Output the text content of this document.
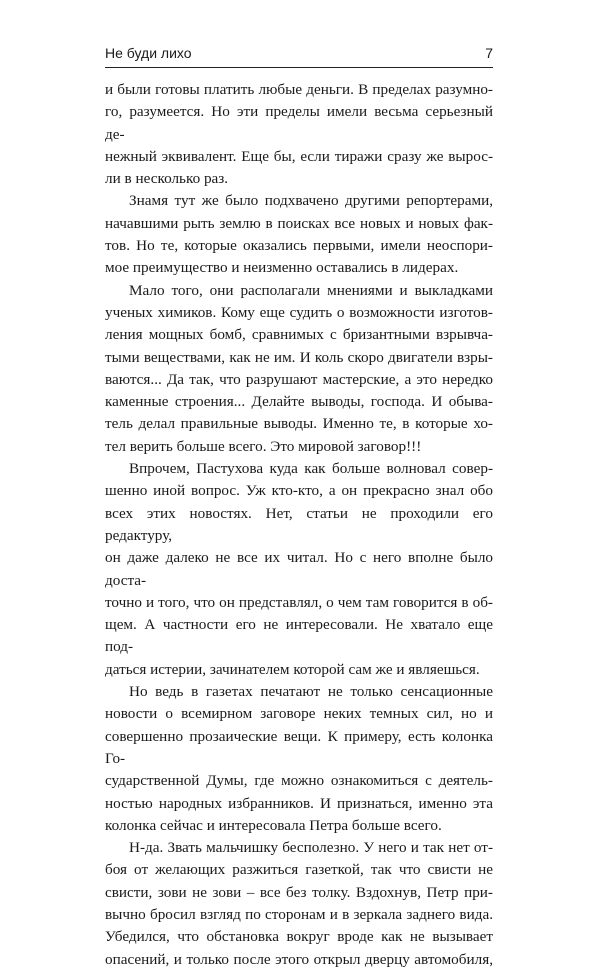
Не буди лихо	7

и были готовы платить любые деньги. В пределах разумно-

го, разумеется. Но эти пределы имели весьма серьезный де-

нежный эквивалент. Еще бы, если тиражи сразу же вырос-

ли в несколько раз.

Знамя тут же было подхвачено другими репортерами,

начавшими рыть землю в поисках все новых и новых фак-

тов. Но те, которые оказались первыми, имели неоспори-

мое преимущество и неизменно оставались в лидерах.

Мало того, они располагали мнениями и выкладками

ученых химиков. Кому еще судить о возможности изготов-

ления мощных бомб, сравнимых с бризантными взрывча-

тыми веществами, как не им. И коль скоро двигатели взры-

ваются... Да так, что разрушают мастерские, а это нередко

каменные строения... Делайте выводы, господа. И обыва-

тель делал правильные выводы. Именно те, в которые хо-

тел верить больше всего. Это мировой заговор!!!

Впрочем, Пастухова куда как больше волновал совер-

шенно иной вопрос. Уж кто-кто, а он прекрасно знал обо

всех этих новостях. Нет, статьи не проходили его редактуру,

он даже далеко не все их читал. Но с него вполне было доста-

точно и того, что он представлял, о чем там говорится в об-

щем. А частности его не интересовали. Не хватало еще под-

даться истерии, зачинателем которой сам же и являешься.

Но ведь в газетах печатают не только сенсационные

новости о всемирном заговоре неких темных сил, но и

совершенно прозаические вещи. К примеру, есть колонка Го-

сударственной Думы, где можно ознакомиться с деятель-

ностью народных избранников. И признаться, именно эта

колонка сейчас и интересовала Петра больше всего.

Н-да. Звать мальчишку бесполезно. У него и так нет от-

боя от желающих разжиться газеткой, так что свисти не

свисти, зови не зови – все без толку. Вздохнув, Петр при-

вычно бросил взгляд по сторонам и в зеркала заднего вида.

Убедился, что обстановка вокруг вроде как не вызывает

опасений, и только после этого открыл дверцу автомобиля,
